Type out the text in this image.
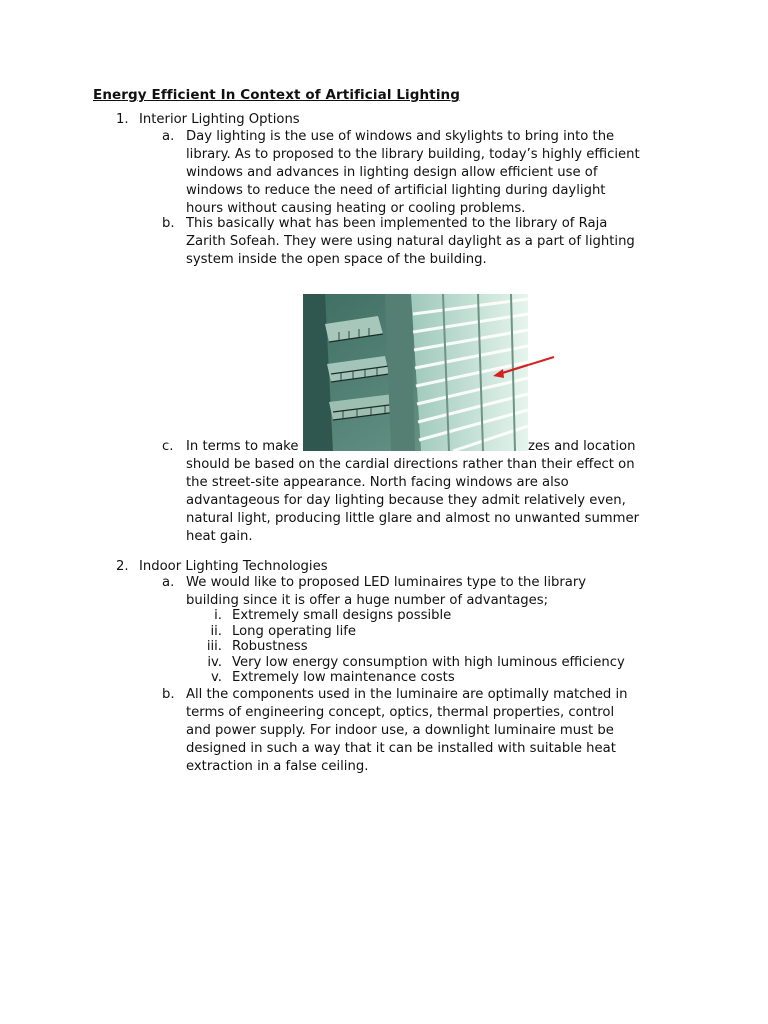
Energy Efficient In Context of Artificial Lighting
1. Interior Lighting Options
a. Day lighting is the use of windows and skylights to bring into the
library. As to proposed to the library building, today’s highly efficient
windows and advances in lighting design allow efficient use of
windows to reduce the need of artificial lighting during daylight
hours without causing heating or cooling problems.

b. This basically what has been implemented to the library of Raja
Zarith Sofeah. They were using natural daylight as a part of lighting
system inside the open space of the building.

c. In terms to make	zes and location

should be based on the cardial directions rather than their effect on
the street-site appearance. North facing windows are also
advantageous for day lighting because they admit relatively even,
natural light, producing little glare and almost no unwanted summer
heat gain.

2. Indoor Lighting Technologies
a. We would like to proposed LED luminaires type to the library
building since it is offer a huge number of advantages;

i. Extremely small designs possible
ii. Long operating life
iii. Robustness
iv. Very low energy consumption with high luminous efficiency
v. Extremely low maintenance costs
b. All the components used in the luminaire are optimally matched in
terms of engineering concept, optics, thermal properties, control
and power supply. For indoor use, a downlight luminaire must be
designed in such a way that it can be installed with suitable heat
extraction in a false ceiling.
